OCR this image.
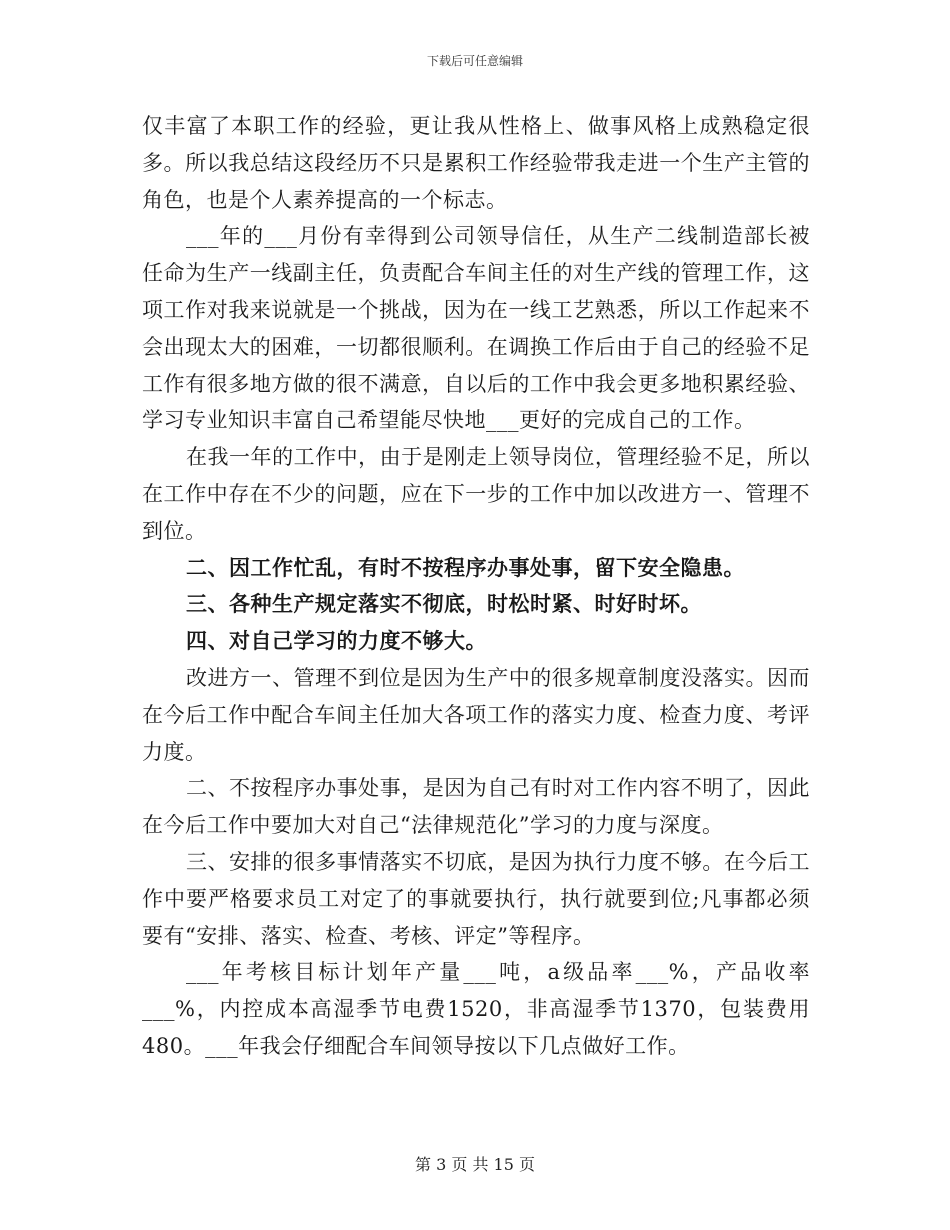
下载后可任意编辑

仅丰富了本职工作的经验，更让我从性格上、做事风格上成熟稳定很多。所以我总结这段经历不只是累积工作经验带我走进一个生产主管的角色，也是个人素养提高的一个标志。

___年的___月份有幸得到公司领导信任，从生产二线制造部长被任命为生产一线副主任，负责配合车间主任的对生产线的管理工作，这项工作对我来说就是一个挑战，因为在一线工艺熟悉，所以工作起来不会出现太大的困难，一切都很顺利。在调换工作后由于自己的经验不足工作有很多地方做的很不满意，自以后的工作中我会更多地积累经验、学习专业知识丰富自己希望能尽快地___更好的完成自己的工作。

在我一年的工作中，由于是刚走上领导岗位，管理经验不足，所以在工作中存在不少的问题，应在下一步的工作中加以改进方一、管理不到位。

二、因工作忙乱，有时不按程序办事处事，留下安全隐患。

三、各种生产规定落实不彻底，时松时紧、时好时坏。

四、对自己学习的力度不够大。

改进方一、管理不到位是因为生产中的很多规章制度没落实。因而在今后工作中配合车间主任加大各项工作的落实力度、检查力度、考评力度。

二、不按程序办事处事，是因为自己有时对工作内容不明了，因此在今后工作中要加大对自己“法律规范化”学习的力度与深度。

三、安排的很多事情落实不切底，是因为执行力度不够。在今后工作中要严格要求员工对定了的事就要执行，执行就要到位;凡事都必须要有“安排、落实、检查、考核、评定”等程序。

___年考核目标计划年产量___吨，a级品率___%，产品收率___%，内控成本高湿季节电费1520，非高湿季节1370，包装费用480。___年我会仔细配合车间领导按以下几点做好工作。

第 3 页 共 15 页
